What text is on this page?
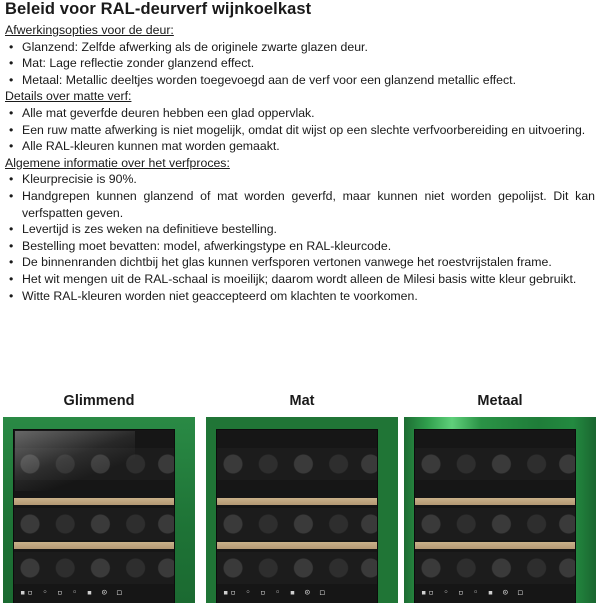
Beleid voor RAL-deurverf wijnkoelkast
Afwerkingsopties voor de deur:
• Glanzend: Zelfde afwerking als de originele zwarte glazen deur.
• Mat: Lage reflectie zonder glanzend effect.
• Metaal: Metallic deeltjes worden toegevoegd aan de verf voor een glanzend metallic effect.
Details over matte verf:
• Alle mat geverfde deuren hebben een glad oppervlak.
• Een ruw matte afwerking is niet mogelijk, omdat dit wijst op een slechte verfvoorbereiding en uitvoering.
• Alle RAL-kleuren kunnen mat worden gemaakt.
Algemene informatie over het verfproces:
• Kleurprecisie is 90%.
• Handgrepen kunnen glanzend of mat worden geverfd, maar kunnen niet worden gepolijst. Dit kan verfspatten geven.
• Levertijd is zes weken na definitieve bestelling.
• Bestelling moet bevatten: model, afwerkingstype en RAL-kleurcode.
• De binnenranden dichtbij het glas kunnen verfsporen vertonen vanwege het roestvrijstalen frame.
• Het wit mengen uit de RAL-schaal is moeilijk; daarom wordt alleen de Milesi basis witte kleur gebruikt.
• Witte RAL-kleuren worden niet geaccepteerd om klachten te voorkomen.
Glimmend
▪▫ ◦ ▫ ◦ ▪ ⊙ ◻
Mat
▪▫ ◦ ▫ ◦ ▪ ⊙ ◻
Metaal
▪▫ ◦ ▫ ◦ ▪ ⊙ ◻
